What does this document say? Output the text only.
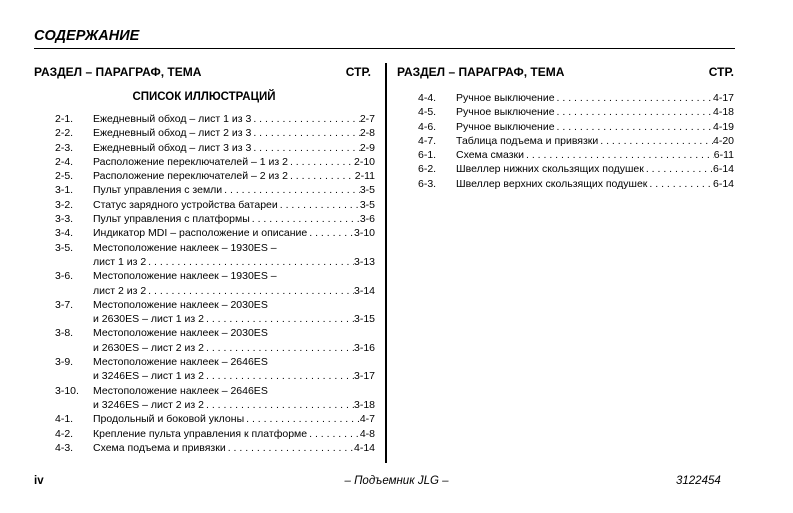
СОДЕРЖАНИЕ
РАЗДЕЛ – ПАРАГРАФ, ТЕМА	СТР. РАЗДЕЛ – ПАРАГРАФ, ТЕМА	СТР.
СПИСОК ИЛЛЮСТРАЦИЙ
2-1.	Ежедневный обход – лист 1 из 3 . . .	2-7
2-2.	Ежедневный обход – лист 2 из 3 . . .	2-8
2-3.	Ежедневный обход – лист 3 из 3 . . .	2-9
2-4.	Расположение переключателей – 1 из 2 . . .	2-10
2-5.	Расположение переключателей – 2 из 2 . . .	2-11
3-1.	Пульт управления с земли . . .	3-5
3-2.	Статус зарядного устройства батареи . . .	3-5
3-3.	Пульт управления с платформы . . .	3-6
3-4.	Индикатор MDI – расположение и описание . . .	3-10
3-5.	Местоположение наклеек – 1930ES –
лист 1 из 2 . . .	3-13
3-6.	Местоположение наклеек – 1930ES –
лист 2 из 2 . . .	3-14
3-7.	Местоположение наклеек – 2030ES
и 2630ES – лист 1 из 2 . . .	3-15
3-8.	Местоположение наклеек – 2030ES
и 2630ES – лист 2 из 2 . . .	3-16
3-9.	Местоположение наклеек – 2646ES
и 3246ES – лист 1 из 2 . . .	3-17
3-10.	Местоположение наклеек – 2646ES
и 3246ES – лист 2 из 2 . . .	3-18
4-1.	Продольный и боковой уклоны . . .	4-7
4-2.	Крепление пульта управления к платформе . . .	4-8
4-3.	Схема подъема и привязки . . .	4-14
4-4.	Ручное выключение . . .	4-17
4-5.	Ручное выключение . . .	4-18
4-6.	Ручное выключение . . .	4-19
4-7.	Таблица подъема и привязки . . .	4-20
6-1.	Схема смазки . . .	6-11
6-2.	Швеллер нижних скользящих подушек . . .	6-14
6-3.	Швеллер верхних скользящих подушек . . .	6-14
iv	– Подъемник JLG –	3122454
